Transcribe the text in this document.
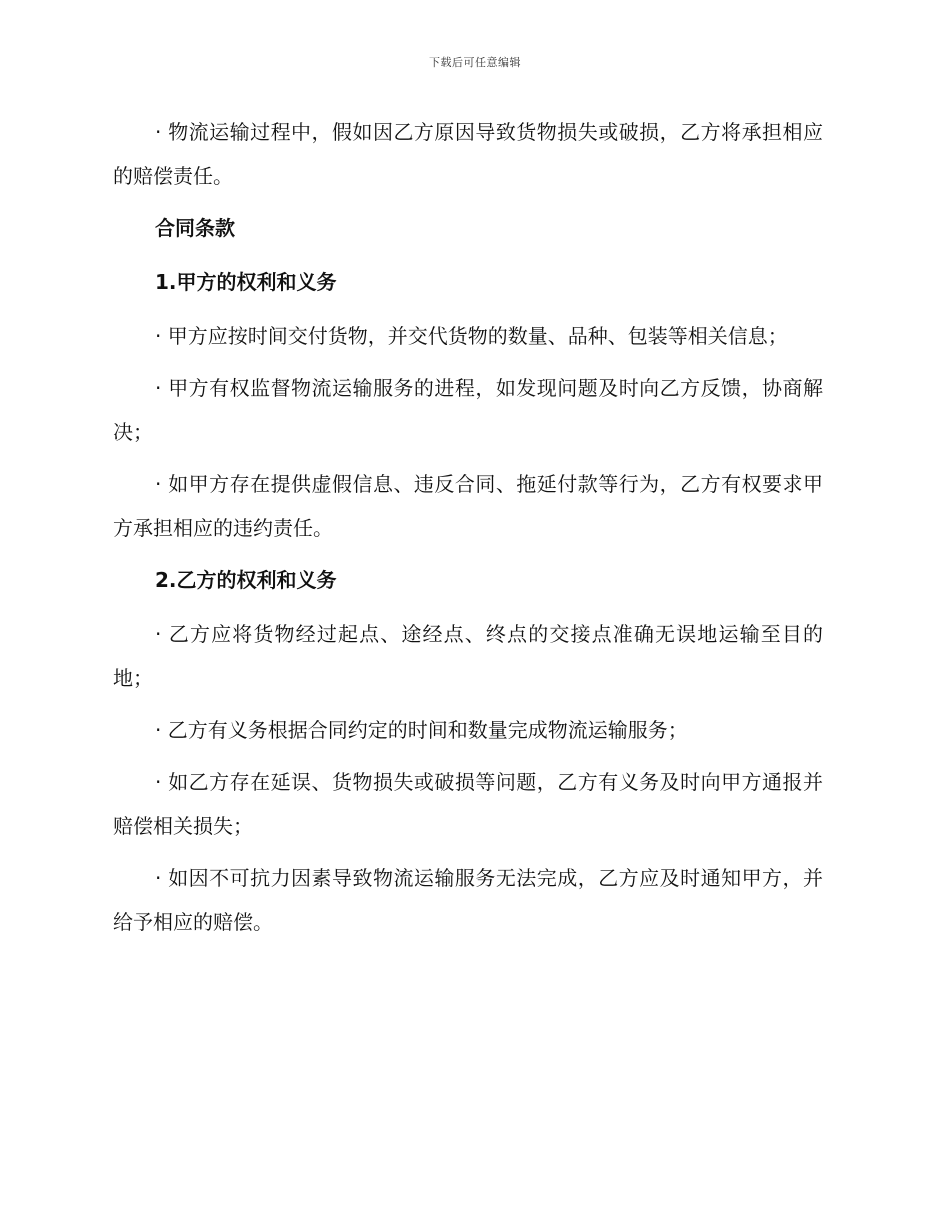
下载后可任意编辑

· 物流运输过程中，假如因乙方原因导致货物损失或破损，乙方将承担相应的赔偿责任。

合同条款
1.甲方的权利和义务

· 甲方应按时间交付货物，并交代货物的数量、品种、包装等相关信息；

· 甲方有权监督物流运输服务的进程，如发现问题及时向乙方反馈，协商解决；

· 如甲方存在提供虚假信息、违反合同、拖延付款等行为，乙方有权要求甲方承担相应的违约责任。

2.乙方的权利和义务

· 乙方应将货物经过起点、途经点、终点的交接点准确无误地运输至目的地；

· 乙方有义务根据合同约定的时间和数量完成物流运输服务；

· 如乙方存在延误、货物损失或破损等问题，乙方有义务及时向甲方通报并赔偿相关损失；

· 如因不可抗力因素导致物流运输服务无法完成，乙方应及时通知甲方，并给予相应的赔偿。
